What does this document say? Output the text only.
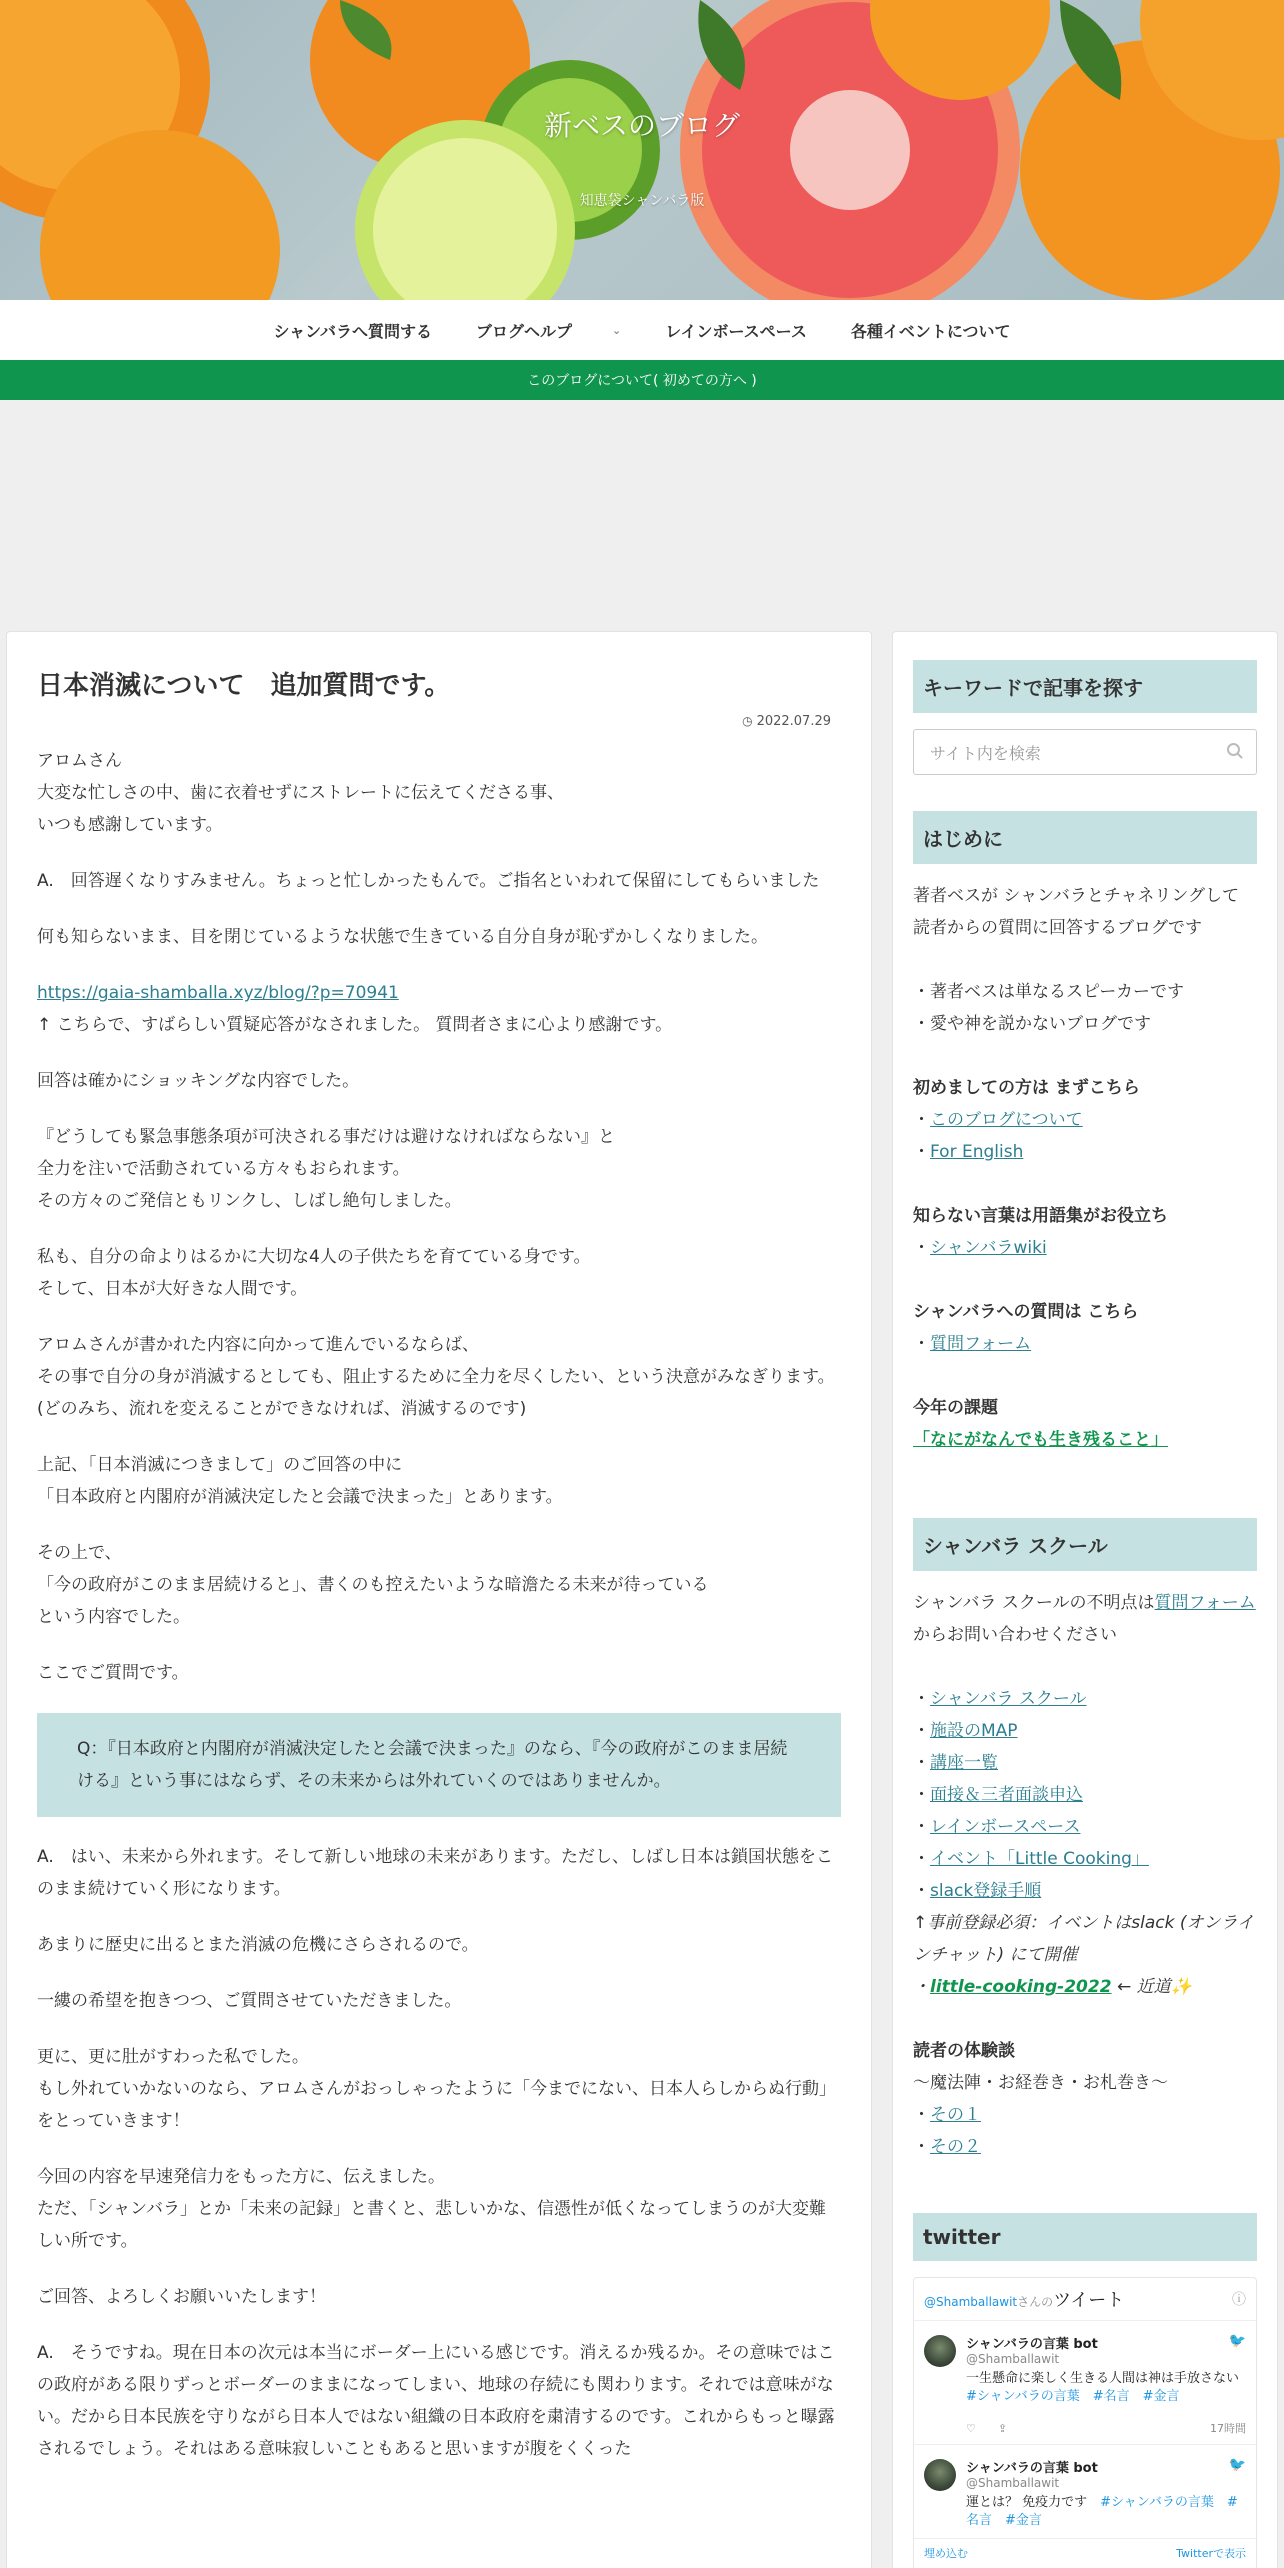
新ベスのブログ
知恵袋シャンバラ版
シャンバラへ質問する	ブログヘルプ	⌄	レインボースペース	各種イベントについて
このブログについて( 初めての方へ )
日本消滅について　追加質問です。
◷ 2022.07.29

アロムさん
大変な忙しさの中、歯に衣着せずにストレートに伝えてくださる事、
いつも感謝しています。

A.　回答遅くなりすみません。ちょっと忙しかったもんで。ご指名といわれて保留にしてもらいました

何も知らないまま、目を閉じているような状態で生きている自分自身が恥ずかしくなりました。

https://gaia-shamballa.xyz/blog/?p=70941
↑ こちらで、すばらしい質疑応答がなされました。 質問者さまに心より感謝です。

回答は確かにショッキングな内容でした。

『どうしても緊急事態条項が可決される事だけは避けなければならない』と
全力を注いで活動されている方々もおられます。
その方々のご発信ともリンクし、しばし絶句しました。

私も、自分の命よりはるかに大切な4人の子供たちを育てている身です。
そして、日本が大好きな人間です。

アロムさんが書かれた内容に向かって進んでいるならば、
その事で自分の身が消滅するとしても、阻止するために全力を尽くしたい、という決意がみなぎります。
(どのみち、流れを変えることができなければ、消滅するのです)

上記、「日本消滅につきまして」のご回答の中に
「日本政府と内閣府が消滅決定したと会議で決まった」とあります。

その上で、
「今の政府がこのまま居続けると」、書くのも控えたいような暗澹たる未来が待っている
という内容でした。

ここでご質問です。

Q：『日本政府と内閣府が消滅決定したと会議で決まった』のなら、『今の政府がこのまま居続ける』という事にはならず、その未来からは外れていくのではありませんか。

A.　はい、未来から外れます。そして新しい地球の未来があります。ただし、しばし日本は鎖国状態をこのまま続けていく形になります。

あまりに歴史に出るとまた消滅の危機にさらされるので。

一縷の希望を抱きつつ、ご質問させていただきました。

更に、更に肚がすわった私でした。
もし外れていかないのなら、アロムさんがおっしゃったように「今までにない、日本人らしからぬ行動」をとっていきます！

今回の内容を早速発信力をもった方に、伝えました。
ただ、「シャンバラ」とか「未来の記録」と書くと、悲しいかな、信憑性が低くなってしまうのが大変難しい所です。

ご回答、よろしくお願いいたします！

A.　そうですね。現在日本の次元は本当にボーダー上にいる感じです。消えるか残るか。その意味ではこの政府がある限りずっとボーダーのままになってしまい、地球の存続にも関わります。それでは意味がない。だから日本民族を守りながら日本人ではない組織の日本政府を粛清するのです。これからもっと曝露されるでしょう。それはある意味寂しいこともあると思いますが腹をくくった

キーワードで記事を探す
サイト内を検索
はじめに
著者ベスが シャンバラとチャネリングして 読者からの質問に回答するブログです
・著者ベスは単なるスピーカーです
・愛や神を説かないブログです
初めましての方は まずこちら
・このブログについて
・For English
知らない言葉は用語集がお役立ち
・シャンバラwiki
シャンバラへの質問は こちら
・質問フォーム
今年の課題
「なにがなんでも生き残ること」
シャンバラ スクール
シャンバラ スクールの不明点は質問フォームからお問い合わせください
・シャンバラ スクール
・施設のMAP
・講座一覧
・面接＆三者面談申込
・レインボースペース
・イベント「Little Cooking」
・slack登録手順
↑事前登録必須：イベントはslack (オンラインチャット) にて開催
・little-cooking-2022 ← 近道✨
読者の体験談
〜魔法陣・お経巻き・お札巻き〜
・その１
・その２
twitter
@Shamballawitさんのツイート	ⓘ
🐦
シャンバラの言葉 bot
@Shamballawit
一生懸命に楽しく生きる人間は神は手放さない　#シャンバラの言葉　#名言　#金言
♡　　⇪	17時間
🐦
シャンバラの言葉 bot
@Shamballawit
運とは？ 免疫力です　 #シャンバラの言葉　#名言　#金言
埋め込む	Twitterで表示
